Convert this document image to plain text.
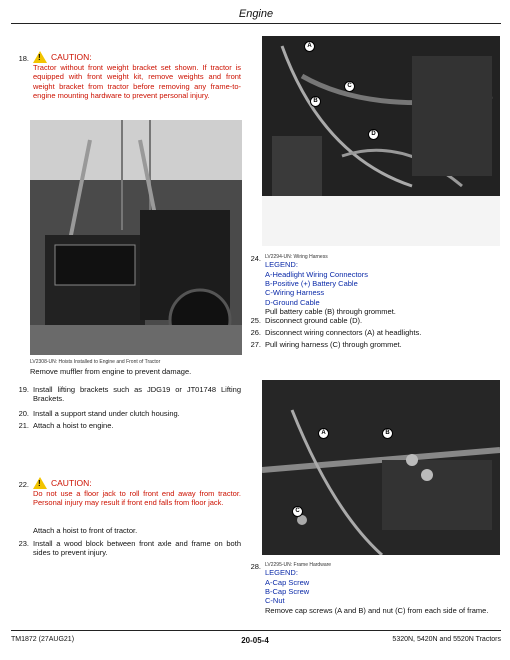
Engine
18. ! CAUTION:
Tractor without front weight bracket set shown. If tractor is equipped with front weight kit, remove weights and front weight bracket from tractor before removing any frame-to-engine mounting hardware to prevent personal injury.
LV2308-UN: Hoists Installed to Engine and Front of Tractor
Remove muffler from engine to prevent damage.
19. Install lifting brackets such as JDG19 or JT01748 Lifting Brackets.
20. Install a support stand under clutch housing.
21. Attach a hoist to engine.
22. ! CAUTION:
Do not use a floor jack to roll front end away from tractor. Personal injury may result if front end falls from floor jack.
Attach a hoist to front of tractor.
23. Install a wood block between front axle and frame on both sides to prevent injury.
A
B
C
D
24. LV2294-UN: Wiring Harness
LEGEND:
A-Headlight Wiring Connectors
B-Positive (+) Battery Cable
C-Wiring Harness
D-Ground Cable
Pull battery cable (B) through grommet.
25. Disconnect ground cable (D).
26. Disconnect wiring connectors (A) at headlights.
27. Pull wiring harness (C) through grommet.
A	B
C
28. LV2295-UN: Frame Hardware
LEGEND:
A-Cap Screw
B-Cap Screw
C-Nut
Remove cap screws (A and B) and nut (C) from each side of frame.
TM1872 (27AUG21)	20-05-4	5320N, 5420N and 5520N Tractors
